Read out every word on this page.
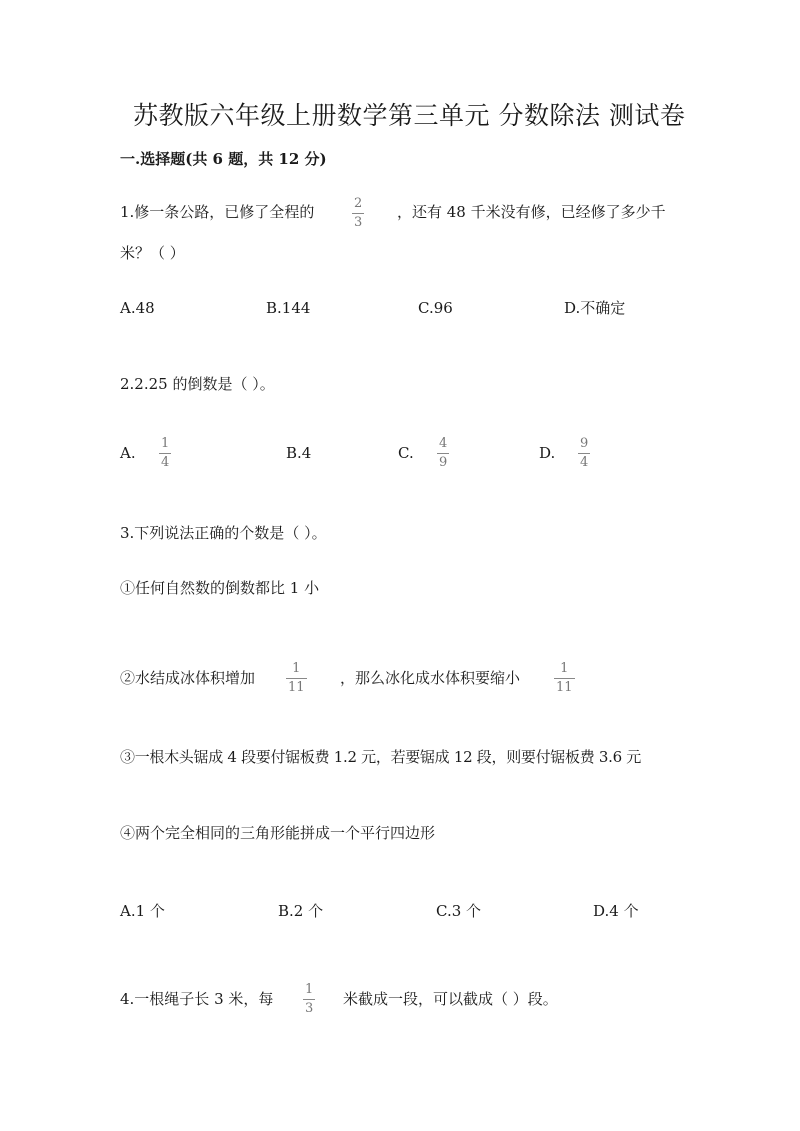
苏教版六年级上册数学第三单元 分数除法 测试卷
一.选择题(共 6 题，共 12 分)
1.修一条公路，已修了全程的	2
3
，还有 48 千米没有修，已经修了多少千
米？（ ）
A.48	B.144	C.96	D.不确定
2.2.25 的倒数是（ ）。
A.
1
4
B.4	C.
4
9
D.
9
4
3.下列说法正确的个数是（ ）。
①任何自然数的倒数都比 1 小
②水结成冰体积增加
1
11
，那么冰化成水体积要缩小
1
11
③一根木头锯成 4 段要付锯板费 1.2 元，若要锯成 12 段，则要付锯板费 3.6 元
④两个完全相同的三角形能拼成一个平行四边形
A.1 个	B.2 个	C.3 个	D.4 个
4.一根绳子长 3 米，每
1
3
米截成一段，可以截成（ ）段。
